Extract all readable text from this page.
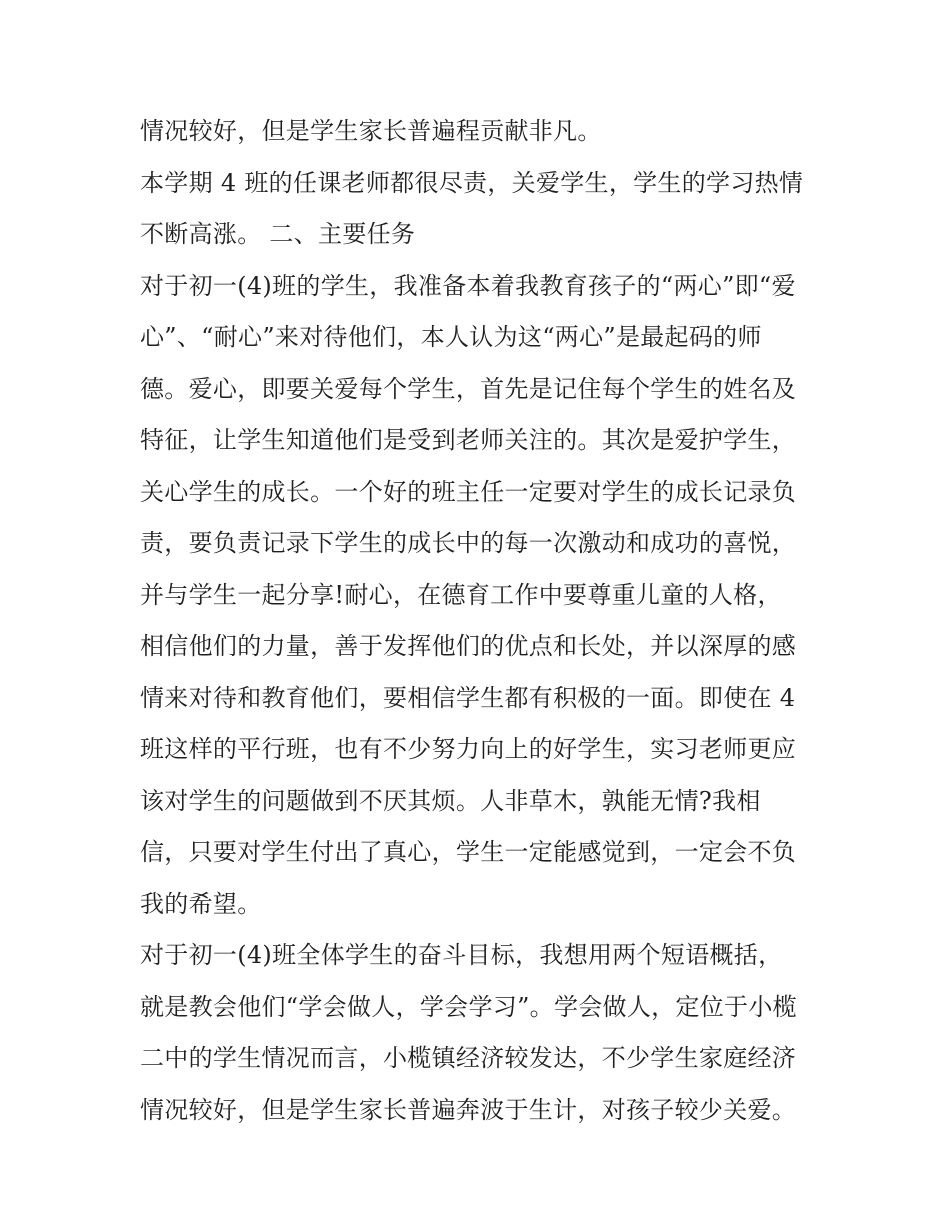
情况较好，但是学生家长普遍程贡献非凡。
本学期 4 班的任课老师都很尽责，关爱学生，学生的学习热情
不断高涨。 二、主要任务
对于初一(4)班的学生，我准备本着我教育孩子的“两心”即“爱
心”、“耐心”来对待他们，本人认为这“两心”是最起码的师
德。爱心，即要关爱每个学生，首先是记住每个学生的姓名及
特征，让学生知道他们是受到老师关注的。其次是爱护学生，
关心学生的成长。一个好的班主任一定要对学生的成长记录负
责，要负责记录下学生的成长中的每一次激动和成功的喜悦，
并与学生一起分享!耐心，在德育工作中要尊重儿童的人格，
相信他们的力量，善于发挥他们的优点和长处，并以深厚的感
情来对待和教育他们，要相信学生都有积极的一面。即使在 4
班这样的平行班，也有不少努力向上的好学生，实习老师更应
该对学生的问题做到不厌其烦。人非草木，孰能无情?我相
信，只要对学生付出了真心，学生一定能感觉到，一定会不负
我的希望。
对于初一(4)班全体学生的奋斗目标，我想用两个短语概括，
就是教会他们“学会做人，学会学习”。学会做人，定位于小榄
二中的学生情况而言，小榄镇经济较发达，不少学生家庭经济
情况较好，但是学生家长普遍奔波于生计，对孩子较少关爱。
